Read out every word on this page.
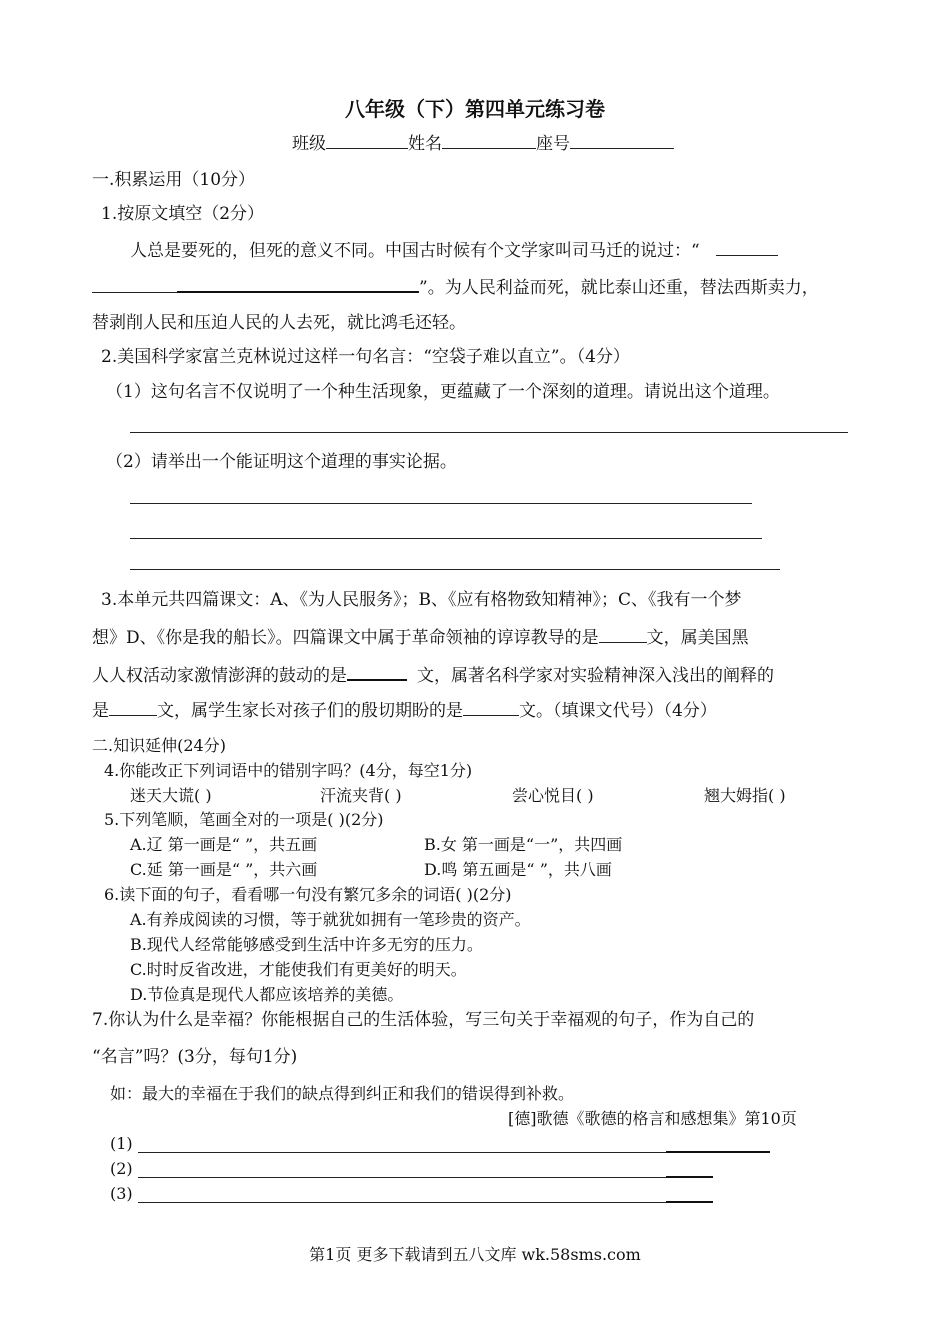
八年级（下）第四单元练习卷
班级	姓名	座号
一.积累运用（10分）
1.按原文填空（2分）
人总是要死的，但死的意义不同。中国古时候有个文学家叫司马迁的说过：“
”。为人民利益而死，就比泰山还重，替法西斯卖力，
替剥削人民和压迫人民的人去死，就比鸿毛还轻。
2.美国科学家富兰克林说过这样一句名言：“空袋子难以直立”。（4分）
（1）这句名言不仅说明了一个种生活现象，更蕴藏了一个深刻的道理。请说出这个道理。
（2）请举出一个能证明这个道理的事实论据。
3.本单元共四篇课文：A、《为人民服务》；B、《应有格物致知精神》；C、《我有一个梦
想》D、《你是我的船长》。四篇课文中属于革命领袖的谆谆教导的是	文，属美国黑
人人权活动家激情澎湃的鼓动的是	文，属著名科学家对实验精神深入浅出的阐释的
是	文，属学生家长对孩子们的殷切期盼的是	文。（填课文代号）（4分）
二.知识延伸(24分)
4.你能改正下列词语中的错别字吗？(4分，每空1分)
迷天大谎( )	汗流夹背( )	尝心悦目( )	翘大姆指( )
5.下列笔顺，笔画全对的一项是( )(2分)
A.辽 第一画是“ ”，共五画	B.女 第一画是“一”，共四画
C.延 第一画是“ ”，共六画	D.鸣 第五画是“ ”，共八画
6.读下面的句子，看看哪一句没有繁冗多余的词语( )(2分)
A.有养成阅读的习惯，等于就犹如拥有一笔珍贵的资产。
B.现代人经常能够感受到生活中许多无穷的压力。
C.时时反省改进，才能使我们有更美好的明天。
D.节俭真是现代人都应该培养的美德。
7.你认为什么是幸福？你能根据自己的生活体验，写三句关于幸福观的句子，作为自己的
“名言”吗？(3分，每句1分)
如：最大的幸福在于我们的缺点得到纠正和我们的错误得到补救。
[德]歌德《歌德的格言和感想集》第10页
(1)
(2)
(3)
第1页 更多下载请到五八文库 wk.58sms.com
